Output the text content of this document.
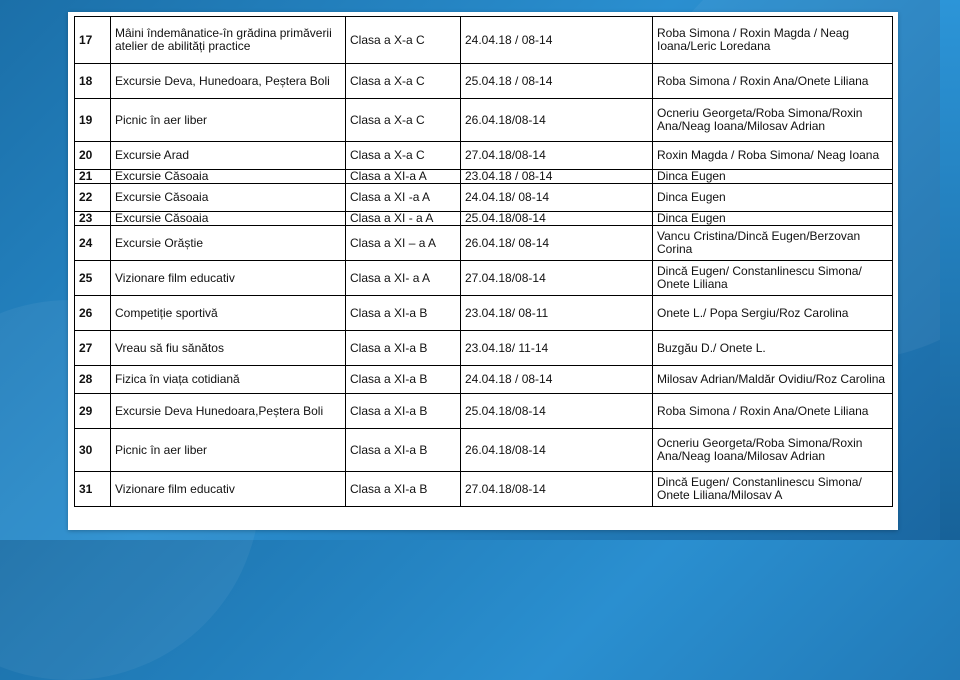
17	Mâini îndemânatice-în grădina primăverii atelier de abilități practice	Clasa a X-a C	24.04.18 / 08-14	Roba Simona / Roxin Magda / Neag Ioana/Leric Loredana
18	Excursie Deva, Hunedoara, Peștera Boli	Clasa a X-a C	25.04.18 / 08-14	Roba Simona / Roxin Ana/Onete Liliana
19	Picnic în aer liber	Clasa a X-a C	26.04.18/08-14	Ocneriu Georgeta/Roba Simona/Roxin Ana/Neag Ioana/Milosav Adrian
20	Excursie Arad	Clasa a X-a C	27.04.18/08-14	Roxin Magda / Roba Simona/ Neag Ioana
21	Excursie Căsoaia	Clasa a XI-a A	23.04.18 / 08-14	Dinca Eugen
22	Excursie Căsoaia	Clasa a XI -a A	24.04.18/ 08-14	Dinca Eugen
23	Excursie Căsoaia	Clasa a XI - a A	25.04.18/08-14	Dinca Eugen
24	Excursie Orăștie	Clasa a XI – a A	26.04.18/ 08-14	Vancu Cristina/Dincă Eugen/Berzovan Corina
25	Vizionare film educativ	Clasa a XI- a A	27.04.18/08-14	Dincă Eugen/ Constanlinescu Simona/ Onete Liliana
26	Competiție sportivă	Clasa a XI-a B	23.04.18/ 08-11	Onete L./ Popa Sergiu/Roz Carolina
27	Vreau să fiu sănătos	Clasa a XI-a B	23.04.18/ 11-14	Buzgău D./ Onete L.
28	Fizica în viața cotidiană	Clasa a XI-a B	24.04.18 / 08-14	Milosav Adrian/Maldăr Ovidiu/Roz Carolina
29	Excursie Deva Hunedoara,Peștera Boli	Clasa a XI-a B	25.04.18/08-14	Roba Simona / Roxin Ana/Onete Liliana
30	Picnic în aer liber	Clasa a XI-a B	26.04.18/08-14	Ocneriu Georgeta/Roba Simona/Roxin Ana/Neag Ioana/Milosav Adrian
31	Vizionare film educativ	Clasa a XI-a B	27.04.18/08-14	Dincă Eugen/ Constanlinescu Simona/ Onete Liliana/Milosav A
